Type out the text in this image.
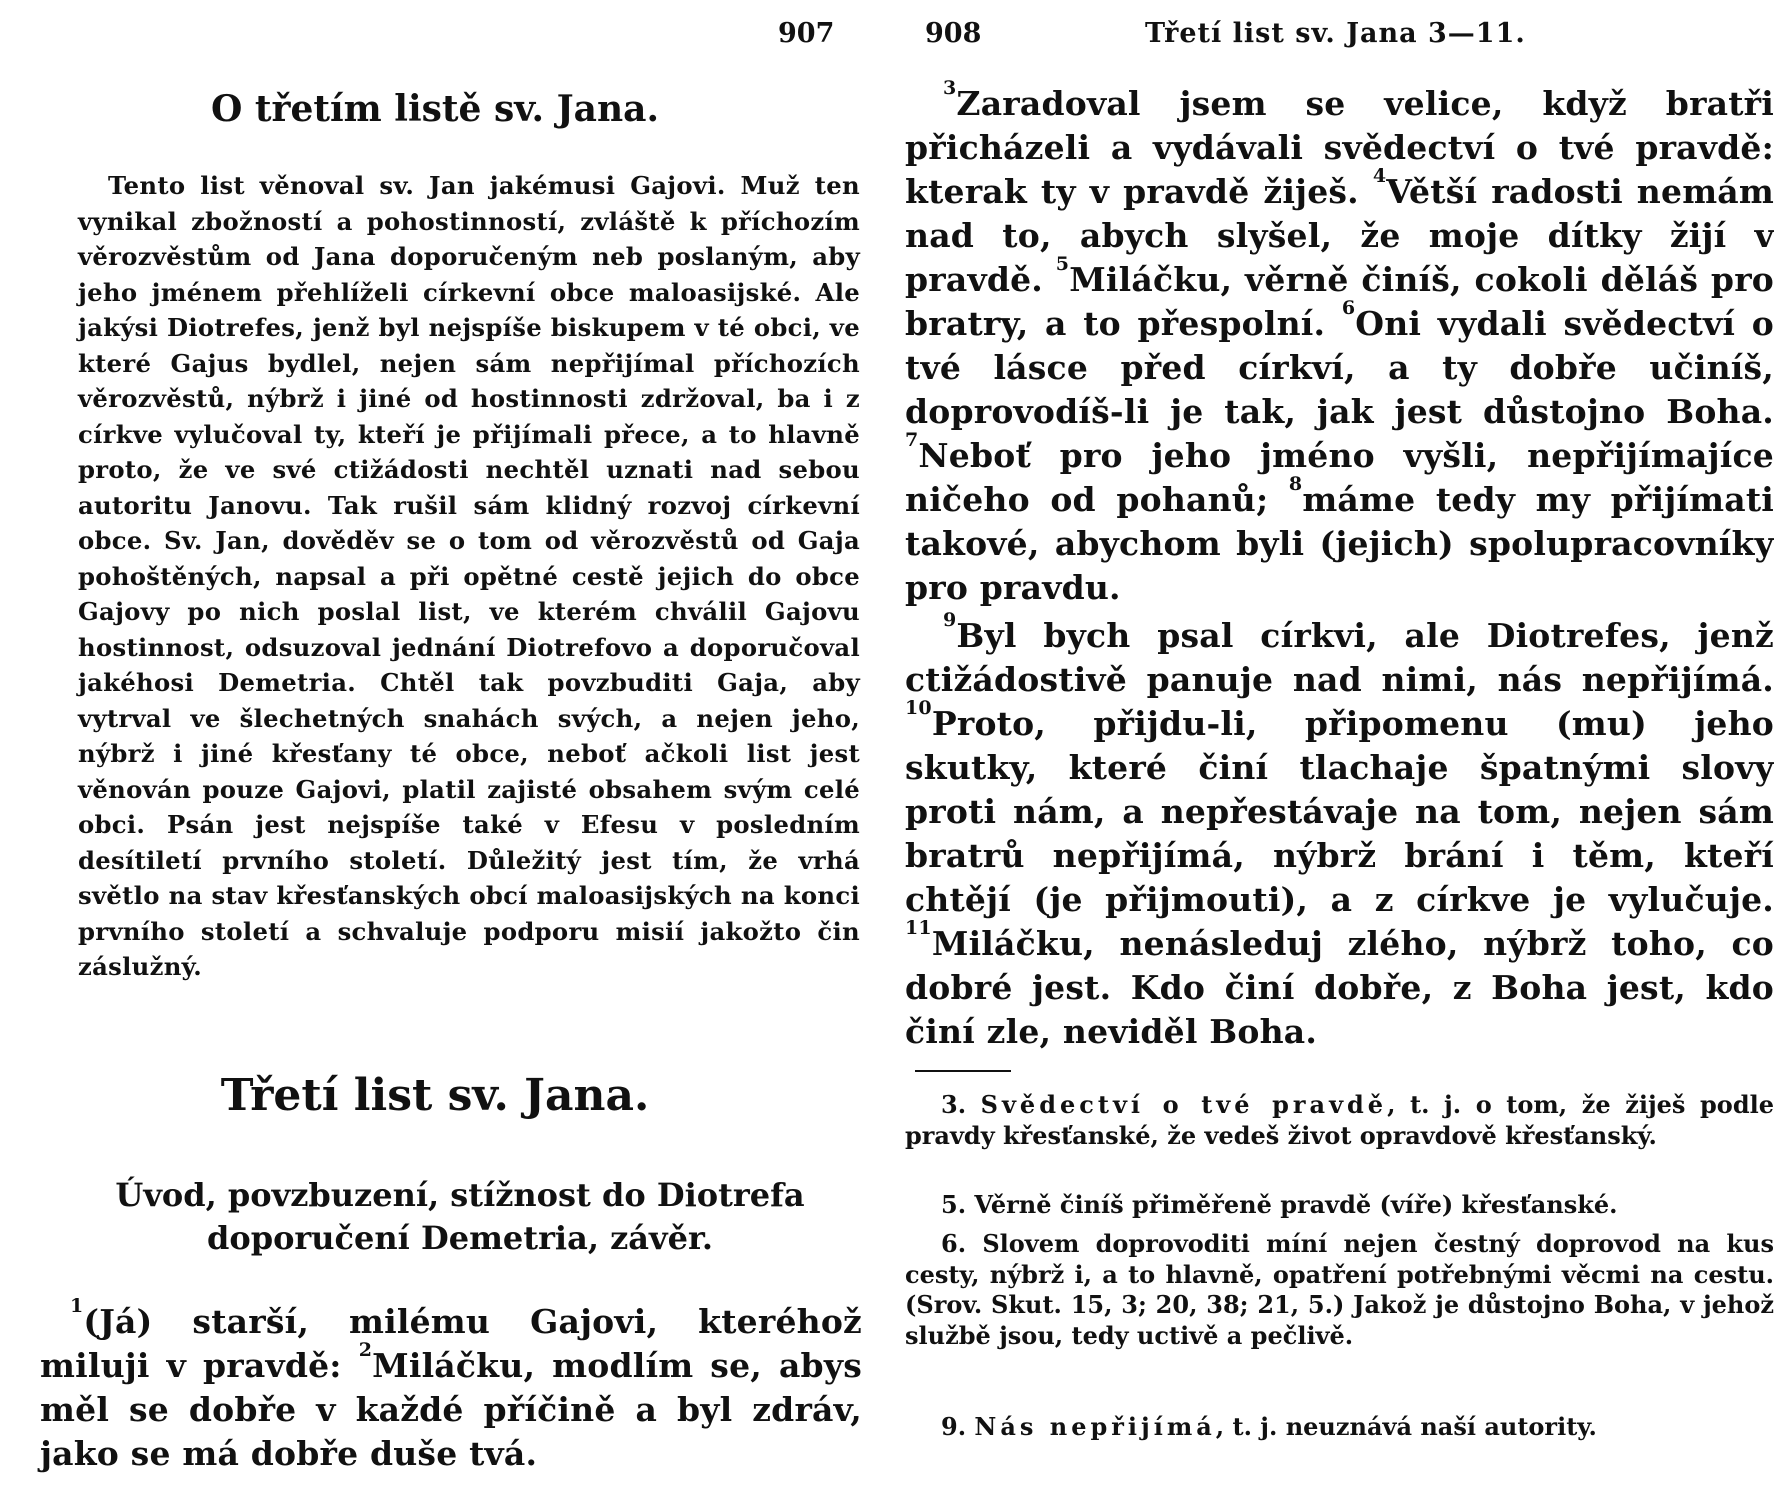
907
O třetím listě sv. Jana.

Tento list věnoval sv. Jan jakémusi Gajovi. Muž ten vynikal zbožností a pohostinností, zvláště k příchozím věrozvěstům od Jana doporučeným neb poslaným, aby jeho jménem přehlíželi církevní obce maloasijské. Ale jakýsi Diotrefes, jenž byl nejspíše biskupem v té obci, ve které Gajus bydlel, nejen sám nepřijímal příchozích věrozvěstů, nýbrž i jiné od hostinnosti zdržoval, ba i z církve vylučoval ty, kteří je přijímali přece, a to hlavně proto, že ve své ctižádosti nechtěl uznati nad sebou autoritu Janovu. Tak rušil sám klidný rozvoj církevní obce. Sv. Jan, dověděv se o tom od věrozvěstů od Gaja pohoštěných, napsal a při opětné cestě jejich do obce Gajovy po nich poslal list, ve kterém chválil Gajovu hostinnost, odsuzoval jednání Diotrefovo a doporučoval jakéhosi Demetria. Chtěl tak povzbuditi Gaja, aby vytrval ve šlechetných snahách svých, a nejen jeho, nýbrž i jiné křesťany té obce, neboť ačkoli list jest věnován pouze Gajovi, platil zajisté obsahem svým celé obci. Psán jest nejspíše také v Efesu v posledním desítiletí prvního století. Důležitý jest tím, že vrhá světlo na stav křesťanských obcí maloasijských na konci prvního století a schvaluje podporu misií jakožto čin záslužný.

Třetí list sv. Jana.
Úvod, povzbuzení, stížnost do Diotrefa doporučení Demetria, závěr.

$^1$(Já) starší, milému Gajovi, kteréhož miluji v pravdě: $^2$Miláčku, modlím se, abys měl se dobře v každé příčině a byl zdráv, jako se má dobře duše tvá.

908	Třetí list sv. Jana 3—11.

$^3$Zaradoval jsem se velice, když bratři přicházeli a vydávali svědectví o tvé pravdě: kterak ty v pravdě žiješ. $^4$Větší radosti nemám nad to, abych slyšel, že moje dítky žijí v pravdě. $^5$Miláčku, věrně činíš, cokoli děláš pro bratry, a to přespolní. $^6$Oni vydali svědectví o tvé lásce před církví, a ty dobře učiníš, doprovodíš-li je tak, jak jest důstojno Boha. $^7$Neboť pro jeho jméno vyšli, nepřijímajíce ničeho od pohanů; $^8$máme tedy my přijímati takové, abychom byli (jejich) spolupracovníky pro pravdu.

$^9$Byl bych psal církvi, ale Diotrefes, jenž ctižádostivě panuje nad nimi, nás nepřijímá. $^{10}$Proto, přijdu-li, připomenu (mu) jeho skutky, které činí tlachaje špatnými slovy proti nám, a nepřestávaje na tom, nejen sám bratrů nepřijímá, nýbrž brání i těm, kteří chtějí (je přijmouti), a z církve je vylučuje. $^{11}$Miláčku, nenásleduj zlého, nýbrž toho, co dobré jest. Kdo činí dobře, z Boha jest, kdo činí zle, neviděl Boha.

3. Svědectví o tvé pravdě, t. j. o tom, že žiješ podle pravdy křesťanské, že vedeš život opravdově křesťanský.

5. Věrně činíš přiměřeně pravdě (víře) křesťanské.

6. Slovem doprovoditi míní nejen čestný doprovod na kus cesty, nýbrž i, a to hlavně, opatření potřebnými věcmi na cestu. (Srov. Skut. 15, 3; 20, 38; 21, 5.) Jakož je důstojno Boha, v jehož službě jsou, tedy uctivě a pečlivě.

9. Nás nepřijímá, t. j. neuznává naší autority.
